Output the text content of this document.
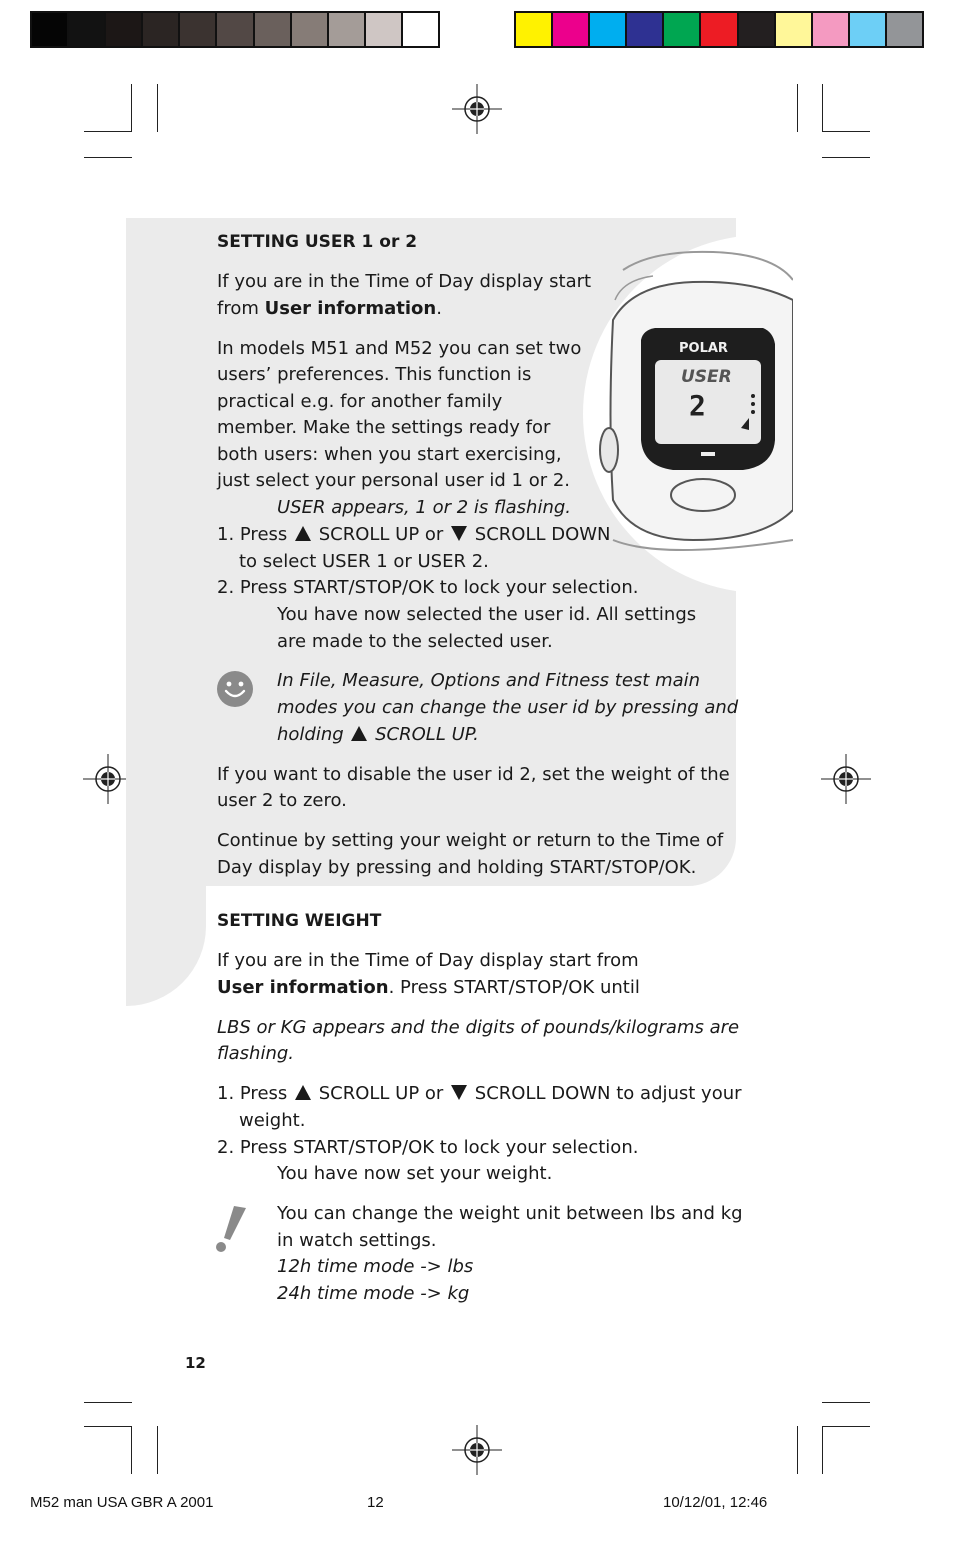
POLAR
USER
2
SETTING USER 1 or 2
If you are in the Time of Day display start
from User information.
In models M51 and M52 you can set two
users’ preferences. This function is
practical e.g. for another family
member. Make the settings ready for
both users: when you start exercising,
just select your personal user id 1 or 2.
USER appears, 1 or 2 is flashing.
1. Press  SCROLL UP or  SCROLL DOWN
to select USER 1 or USER 2.
2. Press START/STOP/OK to lock your selection.
You have now selected the user id. All settings
are made to the selected user.
In File, Measure, Options and Fitness test main
modes you can change the user id by pressing and
holding  SCROLL UP.
If you want to disable the user id 2, set the weight of the
user 2 to zero.
Continue by setting your weight or return to the Time of
Day display by pressing and holding START/STOP/OK.
SETTING WEIGHT
If you are in the Time of Day display start from
User information. Press START/STOP/OK until
LBS or KG appears and the digits of pounds/kilograms are
flashing.
1. Press  SCROLL UP or  SCROLL DOWN to adjust your
weight.
2. Press START/STOP/OK to lock your selection.
You have now set your weight.
You can change the weight unit between lbs and kg
in watch settings.
12h time mode -> lbs
24h time mode -> kg
12
M52 man USA GBR A 2001	12	10/12/01, 12:46
